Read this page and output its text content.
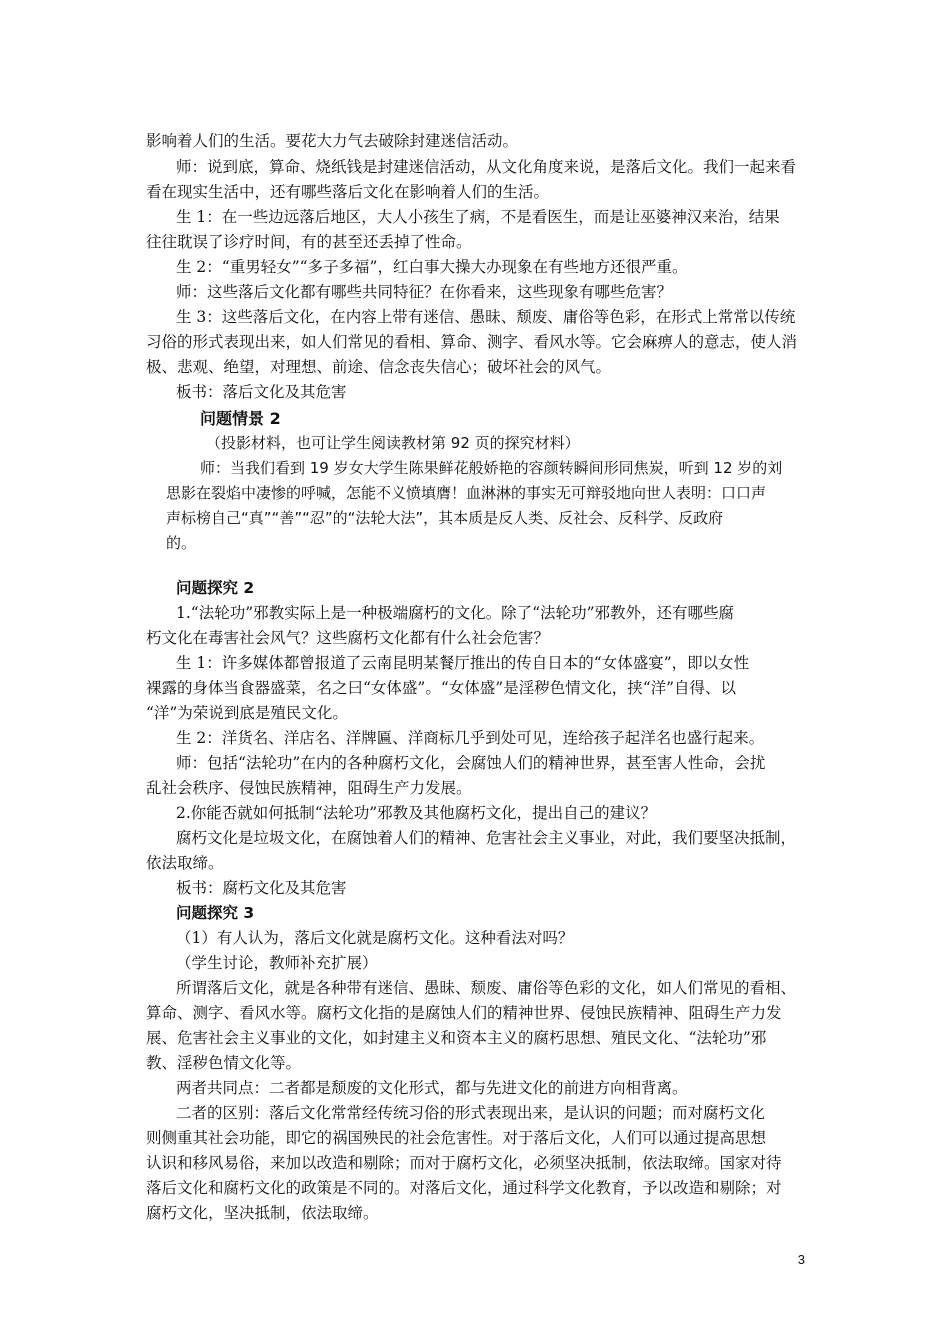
影响着人们的生活。要花大力气去破除封建迷信活动。
师：说到底，算命、烧纸钱是封建迷信活动，从文化角度来说，是落后文化。我们一起来看
看在现实生活中，还有哪些落后文化在影响着人们的生活。
生 1：在一些边远落后地区，大人小孩生了病，不是看医生，而是让巫婆神汉来治，结果
往往耽误了诊疗时间，有的甚至还丢掉了性命。
生 2：“重男轻女”“多子多福”，红白事大操大办现象在有些地方还很严重。
师：这些落后文化都有哪些共同特征？在你看来，这些现象有哪些危害？
生 3：这些落后文化，在内容上带有迷信、愚昧、颓废、庸俗等色彩，在形式上常常以传统
习俗的形式表现出来，如人们常见的看相、算命、测字、看风水等。它会麻痹人的意志，使人消
极、悲观、绝望，对理想、前途、信念丧失信心；破坏社会的风气。
板书：落后文化及其危害
问题情景 2
（投影材料，也可让学生阅读教材第 92 页的探究材料）
师：当我们看到 19 岁女大学生陈果鲜花般娇艳的容颜转瞬间形同焦炭，听到 12 岁的刘
思影在裂焰中凄惨的呼喊，怎能不义愤填膺！血淋淋的事实无可辩驳地向世人表明：口口声
声标榜自己“真”“善”“忍”的“法轮大法”，其本质是反人类、反社会、反科学、反政府
的。
问题探究 2
1.“法轮功”邪教实际上是一种极端腐朽的文化。除了“法轮功”邪教外，还有哪些腐
朽文化在毒害社会风气？这些腐朽文化都有什么社会危害？
生 1：许多媒体都曾报道了云南昆明某餐厅推出的传自日本的“女体盛宴”，即以女性
裸露的身体当食器盛菜，名之曰“女体盛”。“女体盛”是淫秽色情文化，挟“洋”自得、以
“洋”为荣说到底是殖民文化。
生 2：洋货名、洋店名、洋牌匾、洋商标几乎到处可见，连给孩子起洋名也盛行起来。
师：包括“法轮功”在内的各种腐朽文化，会腐蚀人们的精神世界，甚至害人性命，会扰
乱社会秩序、侵蚀民族精神，阻碍生产力发展。
2.你能否就如何抵制“法轮功”邪教及其他腐朽文化，提出自己的建议？
腐朽文化是垃圾文化，在腐蚀着人们的精神、危害社会主义事业，对此，我们要坚决抵制，
依法取缔。
板书：腐朽文化及其危害
问题探究 3
（1）有人认为，落后文化就是腐朽文化。这种看法对吗？
（学生讨论，教师补充扩展）
所谓落后文化，就是各种带有迷信、愚昧、颓废、庸俗等色彩的文化，如人们常见的看相、
算命、测字、看风水等。腐朽文化指的是腐蚀人们的精神世界、侵蚀民族精神、阻碍生产力发
展、危害社会主义事业的文化，如封建主义和资本主义的腐朽思想、殖民文化、“法轮功”邪
教、淫秽色情文化等。
两者共同点：二者都是颓废的文化形式，都与先进文化的前进方向相背离。
二者的区别：落后文化常常经传统习俗的形式表现出来，是认识的问题；而对腐朽文化
则侧重其社会功能，即它的祸国殃民的社会危害性。对于落后文化，人们可以通过提高思想
认识和移风易俗，来加以改造和剔除；而对于腐朽文化，必须坚决抵制，依法取缔。国家对待
落后文化和腐朽文化的政策是不同的。对落后文化，通过科学文化教育，予以改造和剔除；对
腐朽文化，坚决抵制，依法取缔。
3
